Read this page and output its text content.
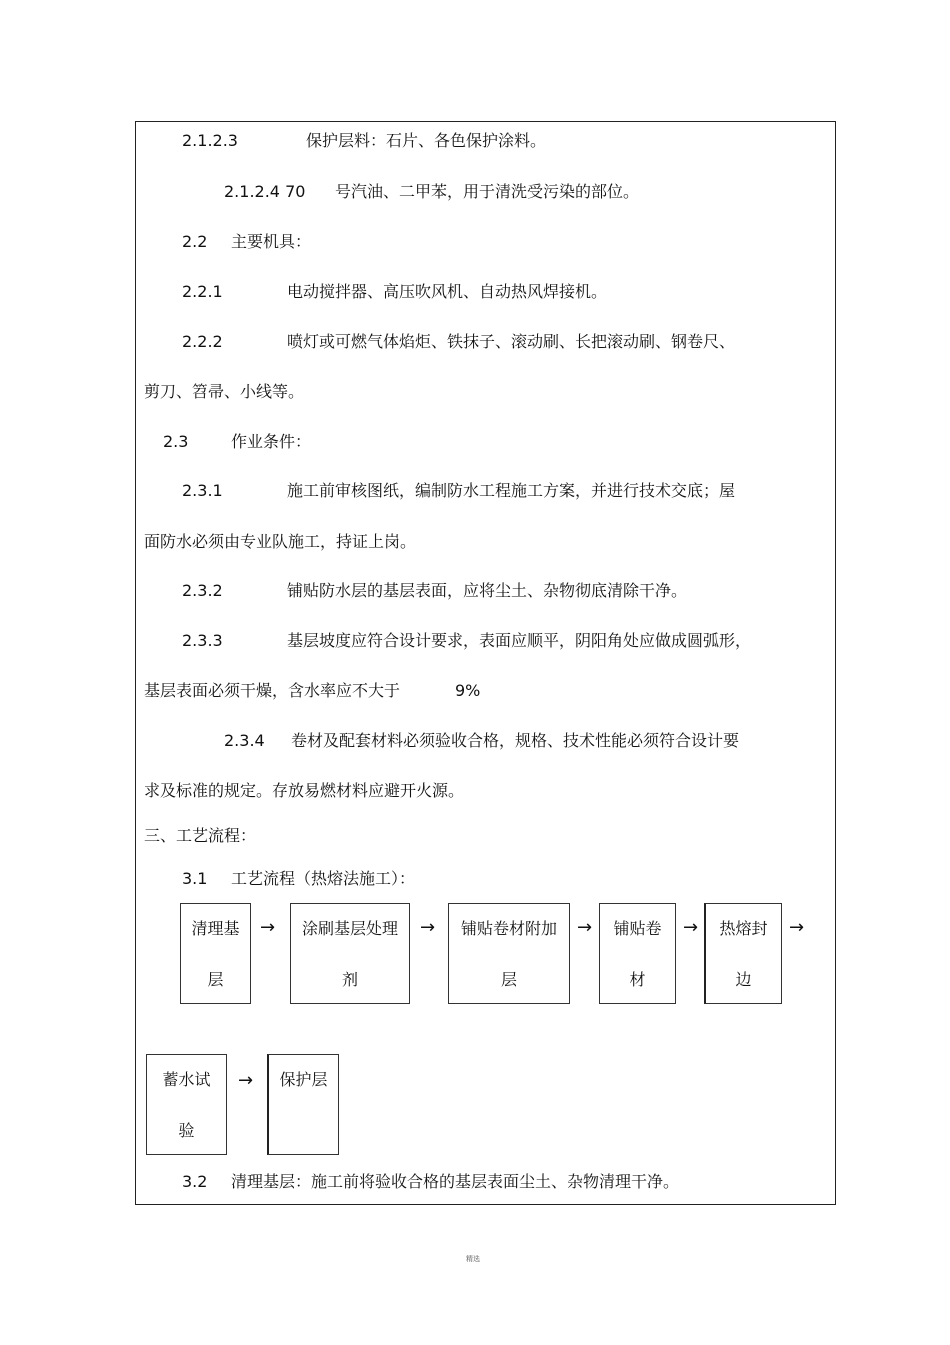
2.1.2.3	保护层料：石片、各色保护涂料。
2.1.2.4 70 号汽油、二甲苯，用于清洗受污染的部位。
2.2 主要机具：
2.2.1	电动搅拌器、高压吹风机、自动热风焊接机。
2.2.2	喷灯或可燃气体焰炬、铁抹子、滚动刷、长把滚动刷、钢卷尺、
剪刀、笤帚、小线等。
2.3	作业条件：
2.3.1	施工前审核图纸，编制防水工程施工方案，并进行技术交底；屋
面防水必须由专业队施工，持证上岗。
2.3.2	铺贴防水层的基层表面，应将尘土、杂物彻底清除干净。
2.3.3	基层坡度应符合设计要求，表面应顺平，阴阳角处应做成圆弧形，
基层表面必须干燥，含水率应不大于	9%
2.3.4 卷材及配套材料必须验收合格，规格、技术性能必须符合设计要
求及标准的规定。存放易燃材料应避开火源。
三、工艺流程：
3.1 工艺流程（热熔法施工）：
清理基
层
→	涂刷基层处理
剂
→	铺贴卷材附加
层
→	铺贴卷
材
→	热熔封
边
→
蓄水试
验
→	保护层
3.2 清理基层：施工前将验收合格的基层表面尘土、杂物清理干净。
精选
